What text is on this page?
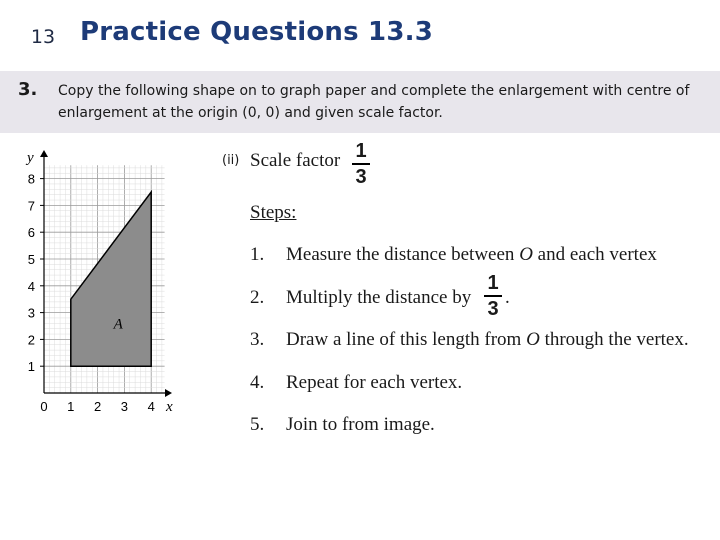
13 Practice Questions 13.3
3. Copy the following shape on to graph paper and complete the enlargement with centre of enlargement at the origin (0, 0) and given scale factor.
A
0 1 2 3 4
1
2
3
4
5
6
7
8
x
y	(ii) Scale factor 1
3
Steps:
1. Measure the distance between O and each vertex
2. Multiply the distance by
1
3
.
3. Draw a line of this length from O through the vertex.
4. Repeat for each vertex.
5. Join to from image.
